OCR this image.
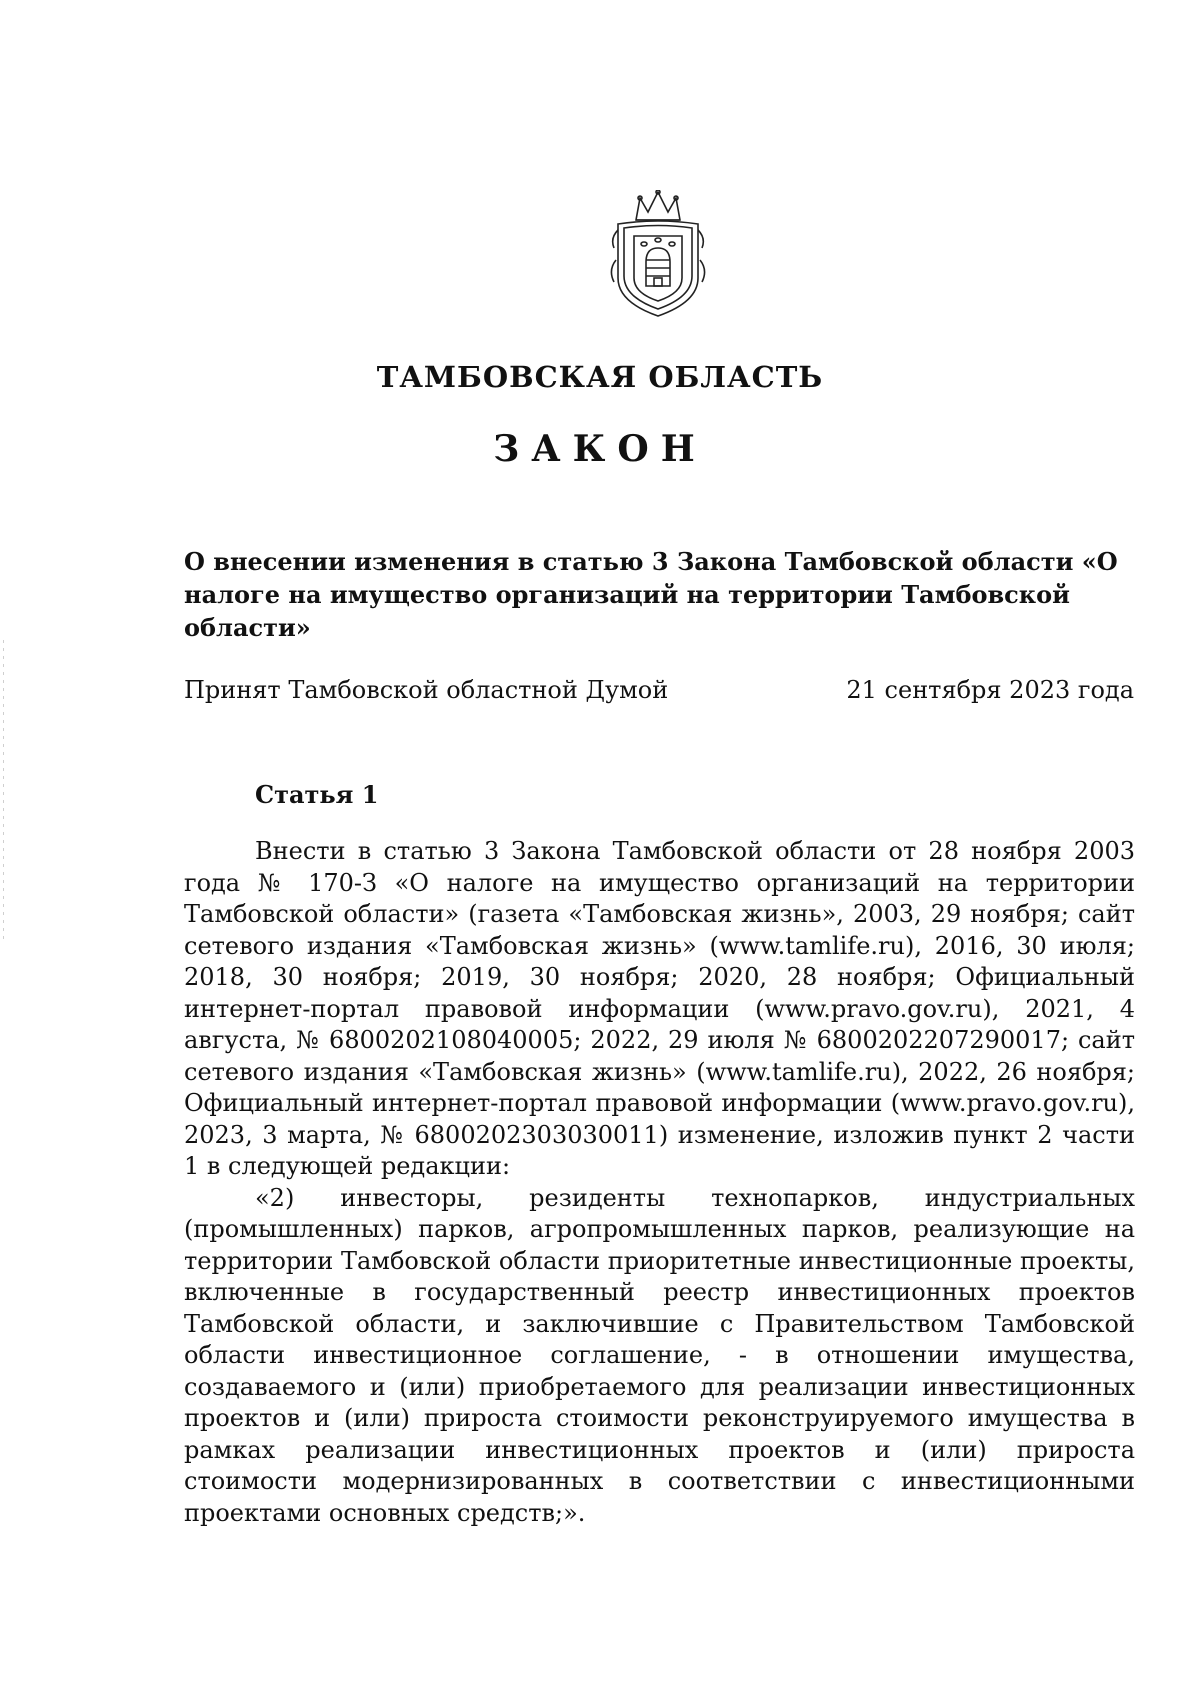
ТАМБОВСКАЯ ОБЛАСТЬ
ЗАКОН

О внесении изменения в статью 3 Закона Тамбовской области «О налоге на имущество организаций на территории Тамбовской области»

Принят Тамбовской областной Думой	21 сентября 2023 года
Статья 1

Внести в статью 3 Закона Тамбовской области от 28 ноября 2003 года № 170-З «О налоге на имущество организаций на территории Тамбовской области» (газета «Тамбовская жизнь», 2003, 29 ноября; сайт сетевого издания «Тамбовская жизнь» (www.tamlife.ru), 2016, 30 июля; 2018, 30 ноября; 2019, 30 ноября; 2020, 28 ноября; Официальный интернет-портал правовой информации (www.pravo.gov.ru), 2021, 4 августа, № 6800202108040005; 2022, 29 июля № 6800202207290017; сайт сетевого издания «Тамбовская жизнь» (www.tamlife.ru), 2022, 26 ноября; Официальный интернет-портал правовой информации (www.pravo.gov.ru), 2023, 3 марта, № 6800202303030011) изменение, изложив пункт 2 части 1 в следующей редакции:

«2) инвесторы, резиденты технопарков, индустриальных (промышленных) парков, агропромышленных парков, реализующие на территории Тамбовской области приоритетные инвестиционные проекты, включенные в государственный реестр инвестиционных проектов Тамбовской области, и заключившие с Правительством Тамбовской области инвестиционное соглашение, - в отношении имущества, создаваемого и (или) приобретаемого для реализации инвестиционных проектов и (или) прироста стоимости реконструируемого имущества в рамках реализации инвестиционных проектов и (или) прироста стоимости модернизированных в соответствии с инвестиционными проектами основных средств;».
